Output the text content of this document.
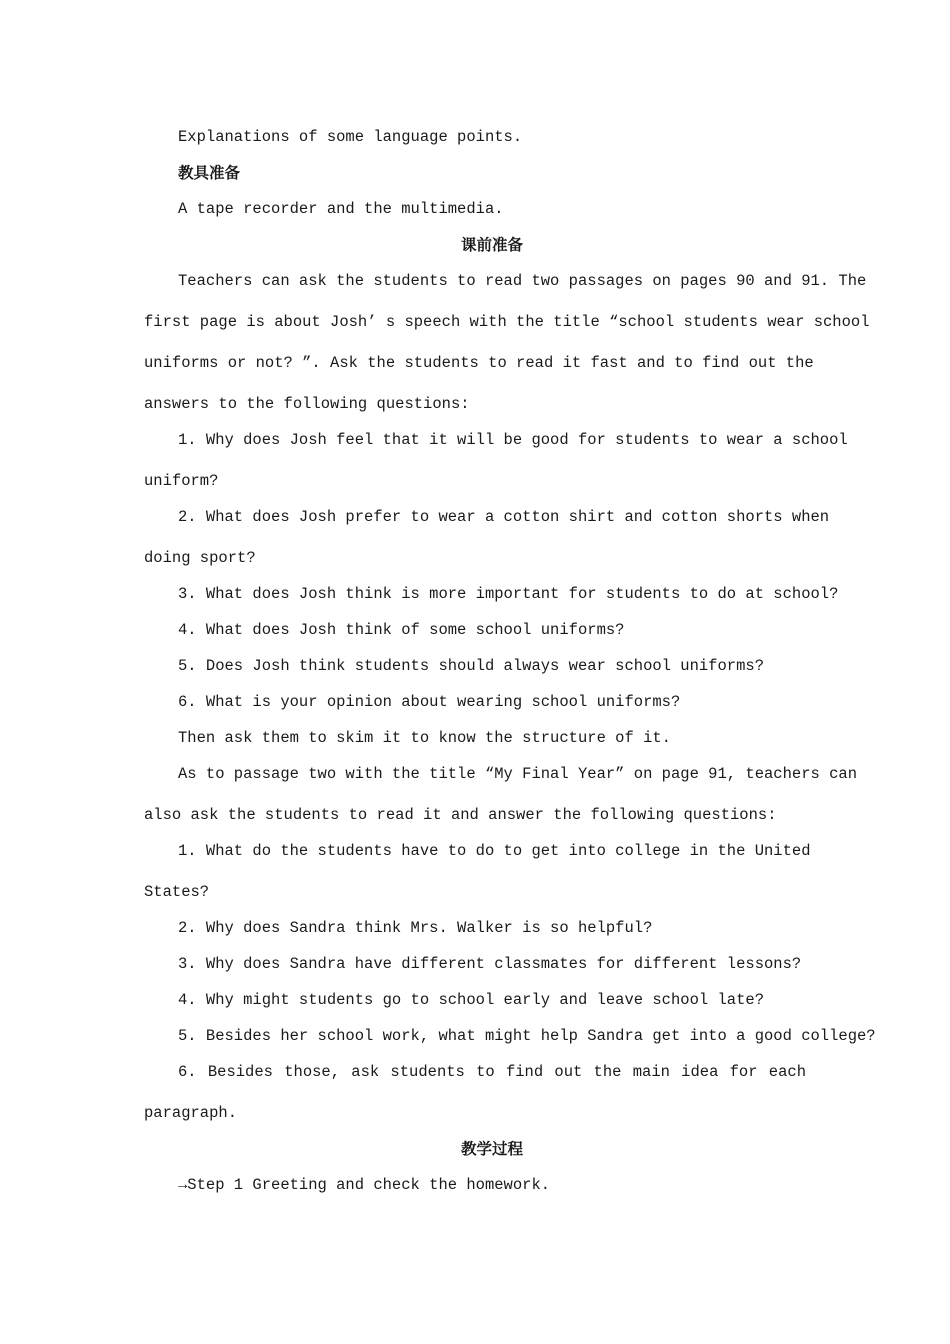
Explanations of some language points.
教具准备
A tape recorder and the multimedia.
课前准备
Teachers can ask the students to read two passages on pages 90 and 91. The
first page is about Josh’ s speech with the title “school students wear school
uniforms or not? ”. Ask the students to read it fast and to find out the
answers to the following questions:
1. Why does Josh feel that it will be good for students to wear a school
uniform?
2. What does Josh prefer to wear a cotton shirt and cotton shorts when
doing sport?
3. What does Josh think is more important for students to do at school?
4. What does Josh think of some school uniforms?
5. Does Josh think students should always wear school uniforms?
6. What is your opinion about wearing school uniforms?
Then ask them to skim it to know the structure of it.
As to passage two with the title “My Final Year” on page 91, teachers can
also ask the students to read it and answer the following questions:
1. What do the students have to do to get into college in the United
States?
2. Why does Sandra think Mrs. Walker is so helpful?
3. Why does Sandra have different classmates for different lessons?
4. Why might students go to school early and leave school late?
5. Besides her school work, what might help Sandra get into a good college?
6. Besides those, ask students to find out the main idea for each
paragraph.
教学过程
→Step 1 Greeting and check the homework.
